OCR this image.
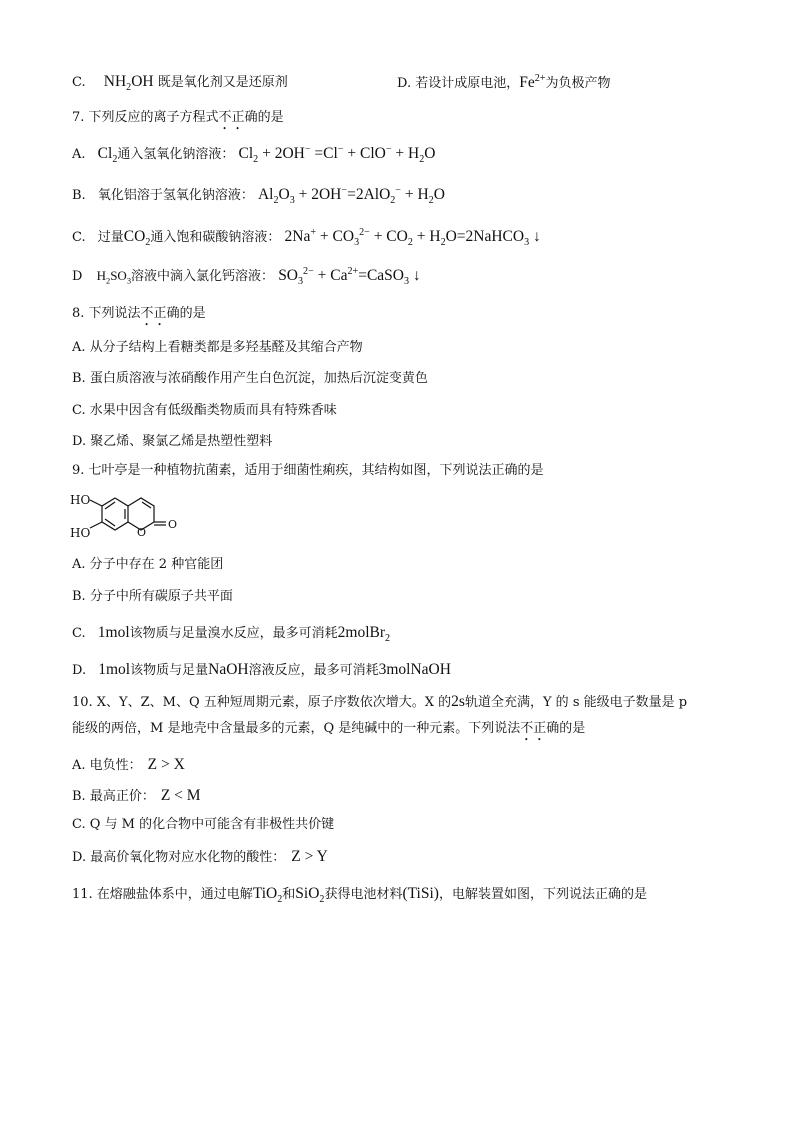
C. $NH_2OH$ 既是氧化剂又是还原剂	D. 若设计成原电池，$Fe^{2+}$为负极产物
7. 下列反应的离子方程式不正确的是
A. $Cl_2$通入氢氧化钠溶液： $Cl_2 + 2OH^- =Cl^- + ClO^- + H_2O$
B. 氧化铝溶于氢氧化钠溶液： $Al_2O_3 + 2OH^-=2AlO_2^- + H_2O$
C. 过量$CO_2$通入饱和碳酸钠溶液： $2Na^+ + CO_3^{2-} + CO_2$ + $H_2O=2NaHCO_3$ ↓
D $H_2SO_3$溶液中滴入氯化钙溶液： $SO_3^{2-}$ + $Ca^{2+}=CaSO_3$ ↓
8. 下列说法不正确的是
A. 从分子结构上看糖类都是多羟基醛及其缩合产物
B. 蛋白质溶液与浓硝酸作用产生白色沉淀，加热后沉淀变黄色
C. 水果中因含有低级酯类物质而具有特殊香味
D. 聚乙烯、聚氯乙烯是热塑性塑料
9. 七叶亭是一种植物抗菌素，适用于细菌性痢疾，其结构如图，下列说法正确的是
HO
HO	O
O
A. 分子中存在 2 种官能团
B. 分子中所有碳原子共平面
C. 1mol该物质与足量溴水反应，最多可消耗2molBr$_2$
D. 1mol该物质与足量NaOH溶液反应，最多可消耗3molNaOH
10. X、Y、Z、M、Q 五种短周期元素，原子序数依次增大。X 的2s轨道全充满，Y 的 s 能级电子数量是 p
能级的两倍，M 是地壳中含量最多的元素，Q 是纯碱中的一种元素。下列说法不正确的是
A. 电负性： Z > X
B. 最高正价： Z < M
C. Q 与 M 的化合物中可能含有非极性共价键
D. 最高价氧化物对应水化物的酸性： Z > Y
11. 在熔融盐体系中，通过电解TiO$_2$和SiO$_2$获得电池材料(TiSi)，电解装置如图，下列说法正确的是
